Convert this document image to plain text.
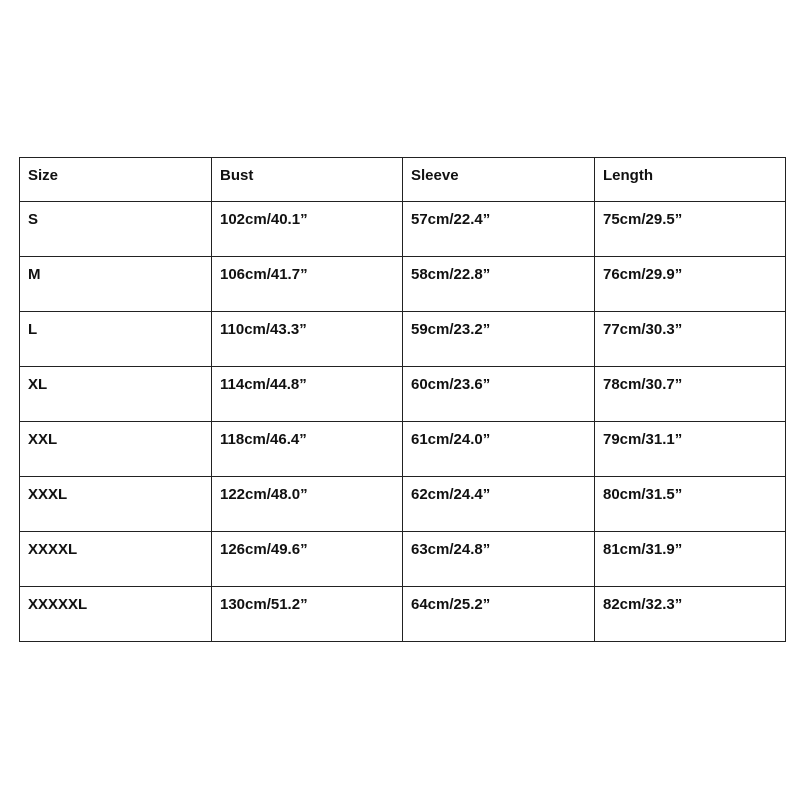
Size	Bust	Sleeve	Length
S	102cm/40.1”	57cm/22.4”	75cm/29.5”
M	106cm/41.7”	58cm/22.8”	76cm/29.9”
L	110cm/43.3”	59cm/23.2”	77cm/30.3”
XL	114cm/44.8”	60cm/23.6”	78cm/30.7”
XXL	118cm/46.4”	61cm/24.0”	79cm/31.1”
XXXL	122cm/48.0”	62cm/24.4”	80cm/31.5”
XXXXL	126cm/49.6”	63cm/24.8”	81cm/31.9”
XXXXXL	130cm/51.2”	64cm/25.2”	82cm/32.3”
